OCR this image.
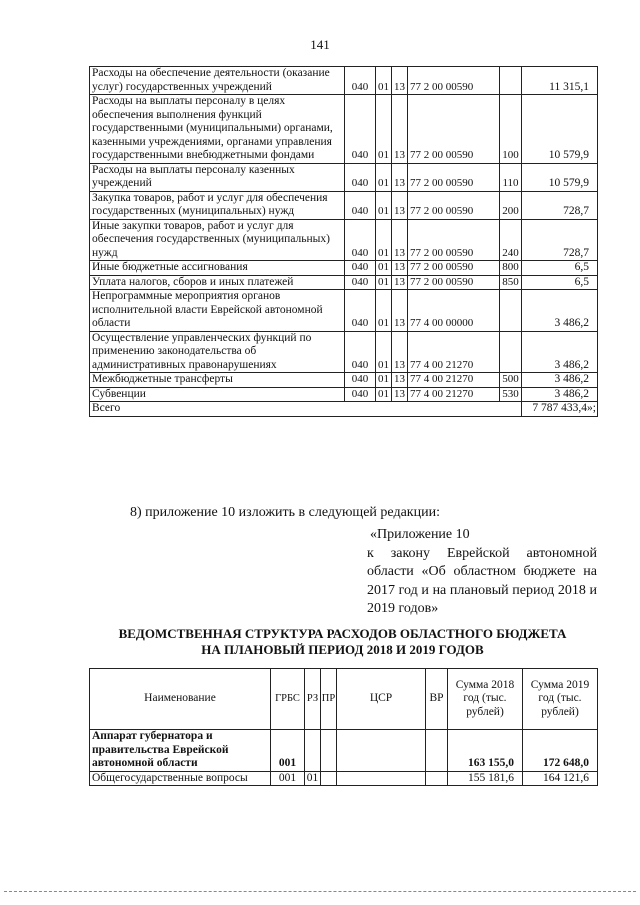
141
Расходы на обеспечение деятельности (оказание услуг) государственных учреждений	040	01	13	77 2 00 00590		11 315,1
Расходы на выплаты персоналу в целях обеспечения выполнения функций государственными (муниципальными) органами, казенными учреждениями, органами управления государственными внебюджетными фондами	040	01	13	77 2 00 00590	100	10 579,9
Расходы на выплаты персоналу казенных учреждений	040	01	13	77 2 00 00590	110	10 579,9
Закупка товаров, работ и услуг для обеспечения государственных (муниципальных) нужд	040	01	13	77 2 00 00590	200	728,7
Иные закупки товаров, работ и услуг для обеспечения государственных (муниципальных) нужд	040	01	13	77 2 00 00590	240	728,7
Иные бюджетные ассигнования	040	01	13	77 2 00 00590	800	6,5
Уплата налогов, сборов и иных платежей	040	01	13	77 2 00 00590	850	6,5
Непрограммные мероприятия органов исполнительной власти Еврейской автономной области	040	01	13	77 4 00 00000		3 486,2
Осуществление управленческих функций по применению законодательства об административных правонарушениях	040	01	13	77 4 00 21270		3 486,2
Межбюджетные трансферты	040	01	13	77 4 00 21270	500	3 486,2
Субвенции	040	01	13	77 4 00 21270	530	3 486,2
Всего						7 787 433,4»;
8) приложение 10 изложить в следующей редакции:
«Приложение 10
к закону Еврейской автономной области «Об областном бюджете на 2017 год и на плановый период 2018 и 2019 годов»
ВЕДОМСТВЕННАЯ СТРУКТУРА РАСХОДОВ ОБЛАСТНОГО БЮДЖЕТА
НА ПЛАНОВЫЙ ПЕРИОД 2018 И 2019 ГОДОВ
Наименование	ГРБС	РЗ	ПР	ЦСР	ВР	Сумма 2018 год (тыс. рублей)	Сумма 2019 год (тыс. рублей)
Аппарат губернатора и правительства Еврейской автономной области	001					163 155,0	172 648,0
Общегосударственные вопросы	001	01				155 181,6	164 121,6
